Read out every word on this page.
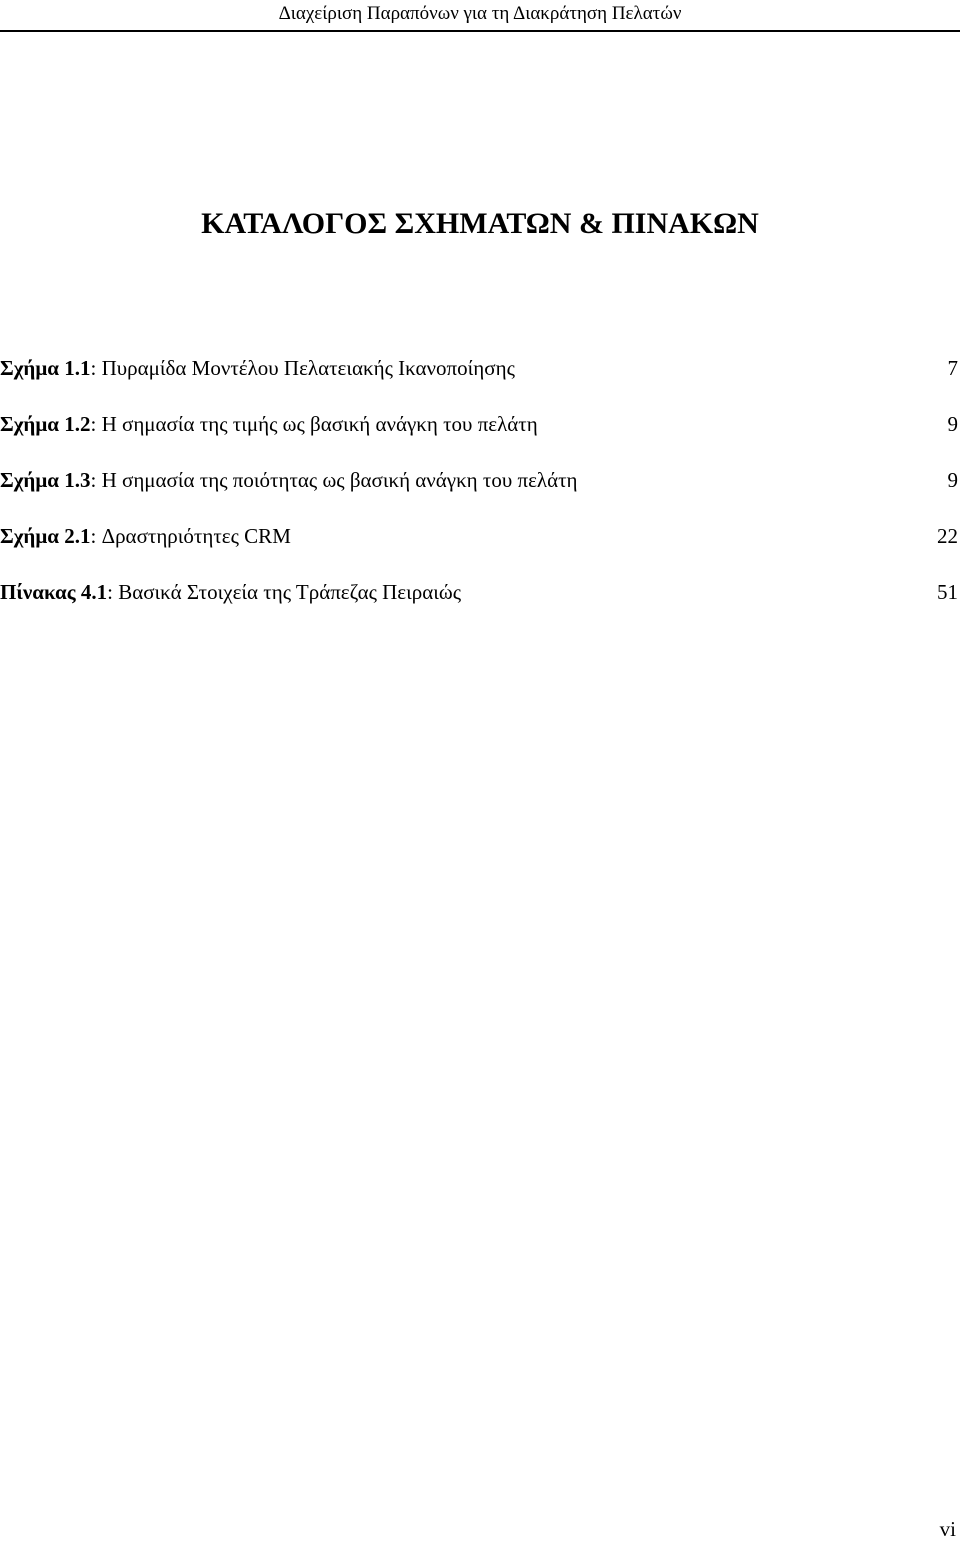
Διαχείριση Παραπόνων για τη Διακράτηση Πελατών
ΚΑΤΑΛΟΓΟΣ ΣΧΗΜΑΤΩΝ & ΠΙΝΑΚΩΝ
Σχήμα 1.1 : Πυραμίδα Μοντέλου Πελατειακής Ικανοποίησης	7
Σχήμα 1.2 : Η σημασία της τιμής ως βασική ανάγκη του πελάτη	9
Σχήμα 1.3 : Η σημασία της ποιότητας ως βασική ανάγκη του πελάτη	9
Σχήμα 2.1 : Δραστηριότητες CRM	22
Πίνακας 4.1 : Βασικά Στοιχεία της Τράπεζας Πειραιώς	51
vi
